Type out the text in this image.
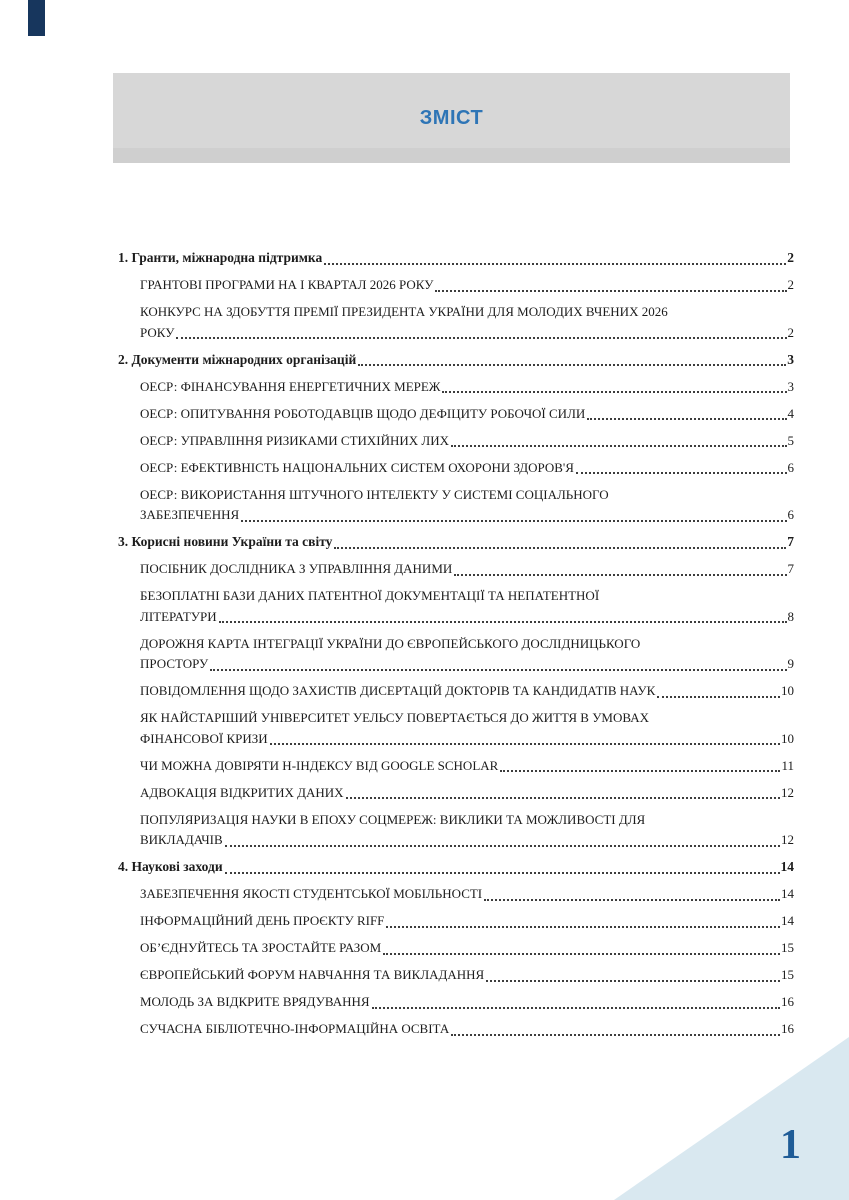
ЗМІСТ
1. Гранти, міжнародна підтримка	2
ГРАНТОВІ ПРОГРАМИ НА І КВАРТАЛ 2026 РОКУ	2
КОНКУРС НА ЗДОБУТТЯ ПРЕМІЇ ПРЕЗИДЕНТА УКРАЇНИ ДЛЯ МОЛОДИХ ВЧЕНИХ 2026
РОКУ	2
2. Документи міжнародних організацій	3
ОЕСР: ФІНАНСУВАННЯ ЕНЕРГЕТИЧНИХ МЕРЕЖ	3
ОЕСР: ОПИТУВАННЯ РОБОТОДАВЦІВ ЩОДО ДЕФІЦИТУ РОБОЧОЇ СИЛИ	4
ОЕСР: УПРАВЛІННЯ РИЗИКАМИ СТИХІЙНИХ ЛИХ	5
ОЕСР: ЕФЕКТИВНІСТЬ НАЦІОНАЛЬНИХ СИСТЕМ ОХОРОНИ ЗДОРОВ'Я	6
ОЕСР: ВИКОРИСТАННЯ ШТУЧНОГО ІНТЕЛЕКТУ У СИСТЕМІ СОЦІАЛЬНОГО
ЗАБЕЗПЕЧЕННЯ	6
3. Корисні новини України та світу	7
ПОСІБНИК ДОСЛІДНИКА З УПРАВЛІННЯ ДАНИМИ	7
БЕЗОПЛАТНІ БАЗИ ДАНИХ ПАТЕНТНОЇ ДОКУМЕНТАЦІЇ ТА НЕПАТЕНТНОЇ
ЛІТЕРАТУРИ	8
ДОРОЖНЯ КАРТА ІНТЕГРАЦІЇ УКРАЇНИ ДО ЄВРОПЕЙСЬКОГО ДОСЛІДНИЦЬКОГО
ПРОСТОРУ	9
ПОВІДОМЛЕННЯ ЩОДО ЗАХИСТІВ ДИСЕРТАЦІЙ ДОКТОРІВ ТА КАНДИДАТІВ НАУК	10
ЯК НАЙСТАРІШИЙ УНІВЕРСИТЕТ УЕЛЬСУ ПОВЕРТАЄТЬСЯ ДО ЖИТТЯ В УМОВАХ
ФІНАНСОВОЇ КРИЗИ	10
ЧИ МОЖНА ДОВІРЯТИ Н-ІНДЕКСУ ВІД GOOGLE SCHOLAR	11
АДВОКАЦІЯ ВІДКРИТИХ ДАНИХ	12
ПОПУЛЯРИЗАЦІЯ НАУКИ В ЕПОХУ СОЦМЕРЕЖ: ВИКЛИКИ ТА МОЖЛИВОСТІ ДЛЯ
ВИКЛАДАЧІВ	12
4. Наукові заходи	14
ЗАБЕЗПЕЧЕННЯ ЯКОСТІ СТУДЕНТСЬКОЇ МОБІЛЬНОСТІ	14
ІНФОРМАЦІЙНИЙ ДЕНЬ ПРОЄКТУ RIFF	14
ОБ’ЄДНУЙТЕСЬ ТА ЗРОСТАЙТЕ РАЗОМ	15
ЄВРОПЕЙСЬКИЙ ФОРУМ НАВЧАННЯ ТА ВИКЛАДАННЯ	15
МОЛОДЬ ЗА ВІДКРИТЕ ВРЯДУВАННЯ	16
СУЧАСНА БІБЛІОТЕЧНО-ІНФОРМАЦІЙНА ОСВІТА	16
1
